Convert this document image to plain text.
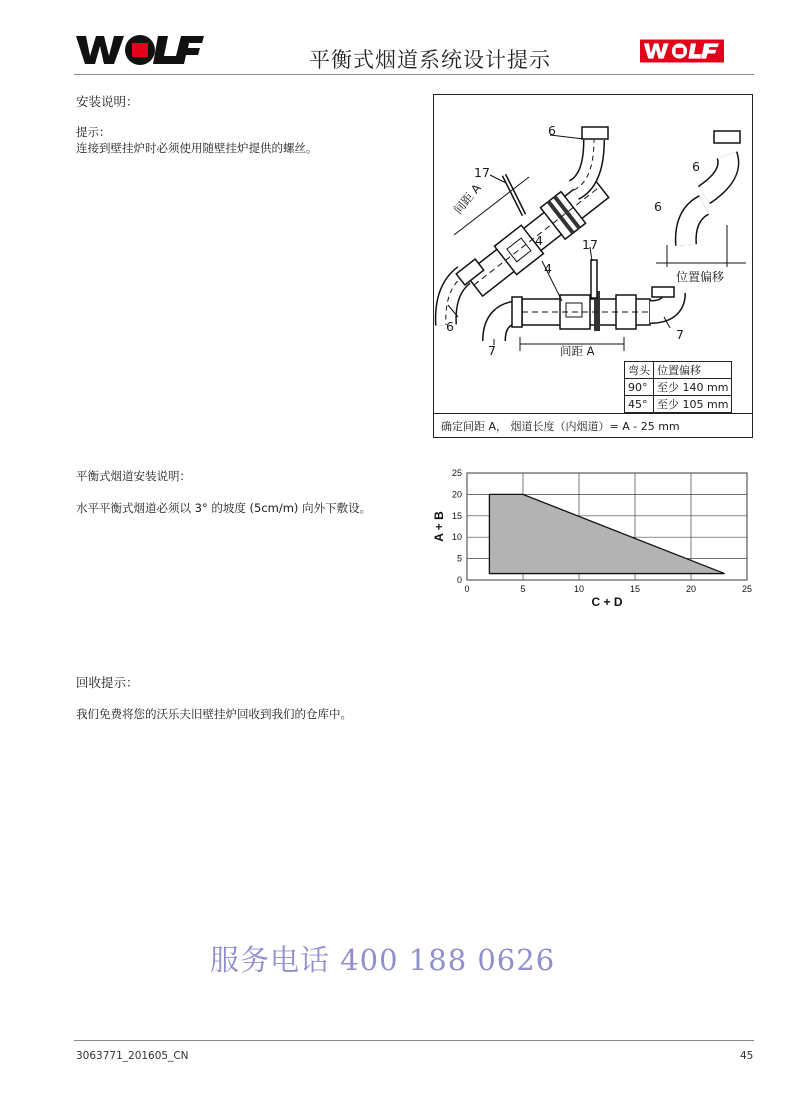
平衡式烟道系统设计提示
安装说明：
提示：
连接到壁挂炉时必须使用随壁挂炉提供的螺丝。
6
17
4
6
6
6
17
4
7
7
间距 A
间距 A
位置偏移
弯头	位置偏移
90°	至少 140 mm
45°	至少 105 mm
确定间距 A， 烟道长度（内烟道）= A - 25 mm
平衡式烟道安装说明：
水平平衡式烟道必须以 3° 的坡度 (5cm/m) 向外下敷设。
0	5	10	15	20	25
0
5
10
15
20
25
C + D
A + B
回收提示：
我们免费将您的沃乐夫旧壁挂炉回收到我们的仓库中。
服务电话 400 188 0626
3063771_201605_CN	45
